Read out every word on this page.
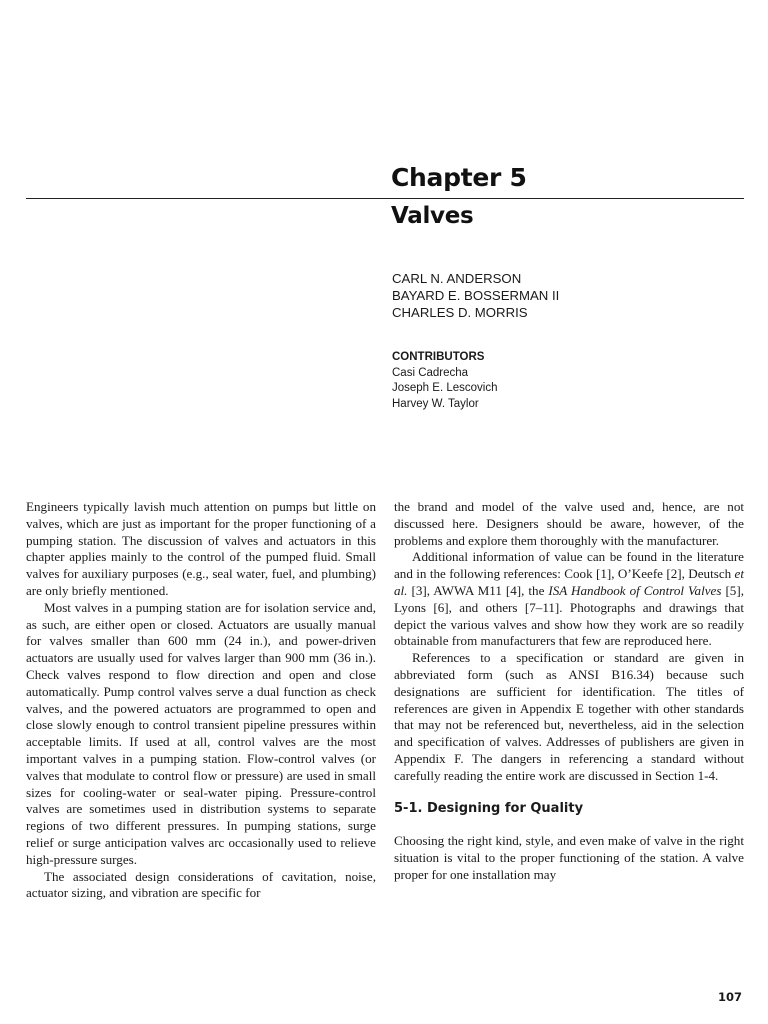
Chapter 5
Valves
CARL N. ANDERSON
BAYARD E. BOSSERMAN II
CHARLES D. MORRIS
CONTRIBUTORS
Casi Cadrecha
Joseph E. Lescovich
Harvey W. Taylor

Engineers typically lavish much attention on pumps but little on valves, which are just as important for the proper functioning of a pumping station. The discussion of valves and actuators in this chapter applies mainly to the control of the pumped fluid. Small valves for auxiliary purposes (e.g., seal water, fuel, and plumbing) are only briefly mentioned.

Most valves in a pumping station are for isolation service and, as such, are either open or closed. Actuators are usually manual for valves smaller than 600 mm (24 in.), and power-driven actuators are usually used for valves larger than 900 mm (36 in.). Check valves respond to flow direction and open and close automatically. Pump control valves serve a dual function as check valves, and the powered actuators are programmed to open and close slowly enough to control transient pipeline pressures within acceptable limits. If used at all, control valves are the most important valves in a pumping station. Flow-control valves (or valves that modulate to control flow or pressure) are used in small sizes for cooling-water or seal-water piping. Pressure-control valves are sometimes used in distribution systems to separate regions of two different pressures. In pumping stations, surge relief or surge anticipation valves arc occasionally used to relieve high-pressure surges.

The associated design considerations of cavitation, noise, actuator sizing, and vibration are specific for

the brand and model of the valve used and, hence, are not discussed here. Designers should be aware, however, of the problems and explore them thoroughly with the manufacturer.

Additional information of value can be found in the literature and in the following references: Cook [1], O’Keefe [2], Deutsch et al. [3], AWWA M11 [4], the ISA Handbook of Control Valves [5], Lyons [6], and others [7–11]. Photographs and drawings that depict the various valves and show how they work are so readily obtainable from manufacturers that few are reproduced here.

References to a specification or standard are given in abbreviated form (such as ANSI B16.34) because such designations are sufficient for identification. The titles of references are given in Appendix E together with other standards that may not be referenced but, nevertheless, aid in the selection and specification of valves. Addresses of publishers are given in Appendix F. The dangers in referencing a standard without carefully reading the entire work are discussed in Section 1-4.

5-1. Designing for Quality

Choosing the right kind, style, and even make of valve in the right situation is vital to the proper functioning of the station. A valve proper for one installation may

107
